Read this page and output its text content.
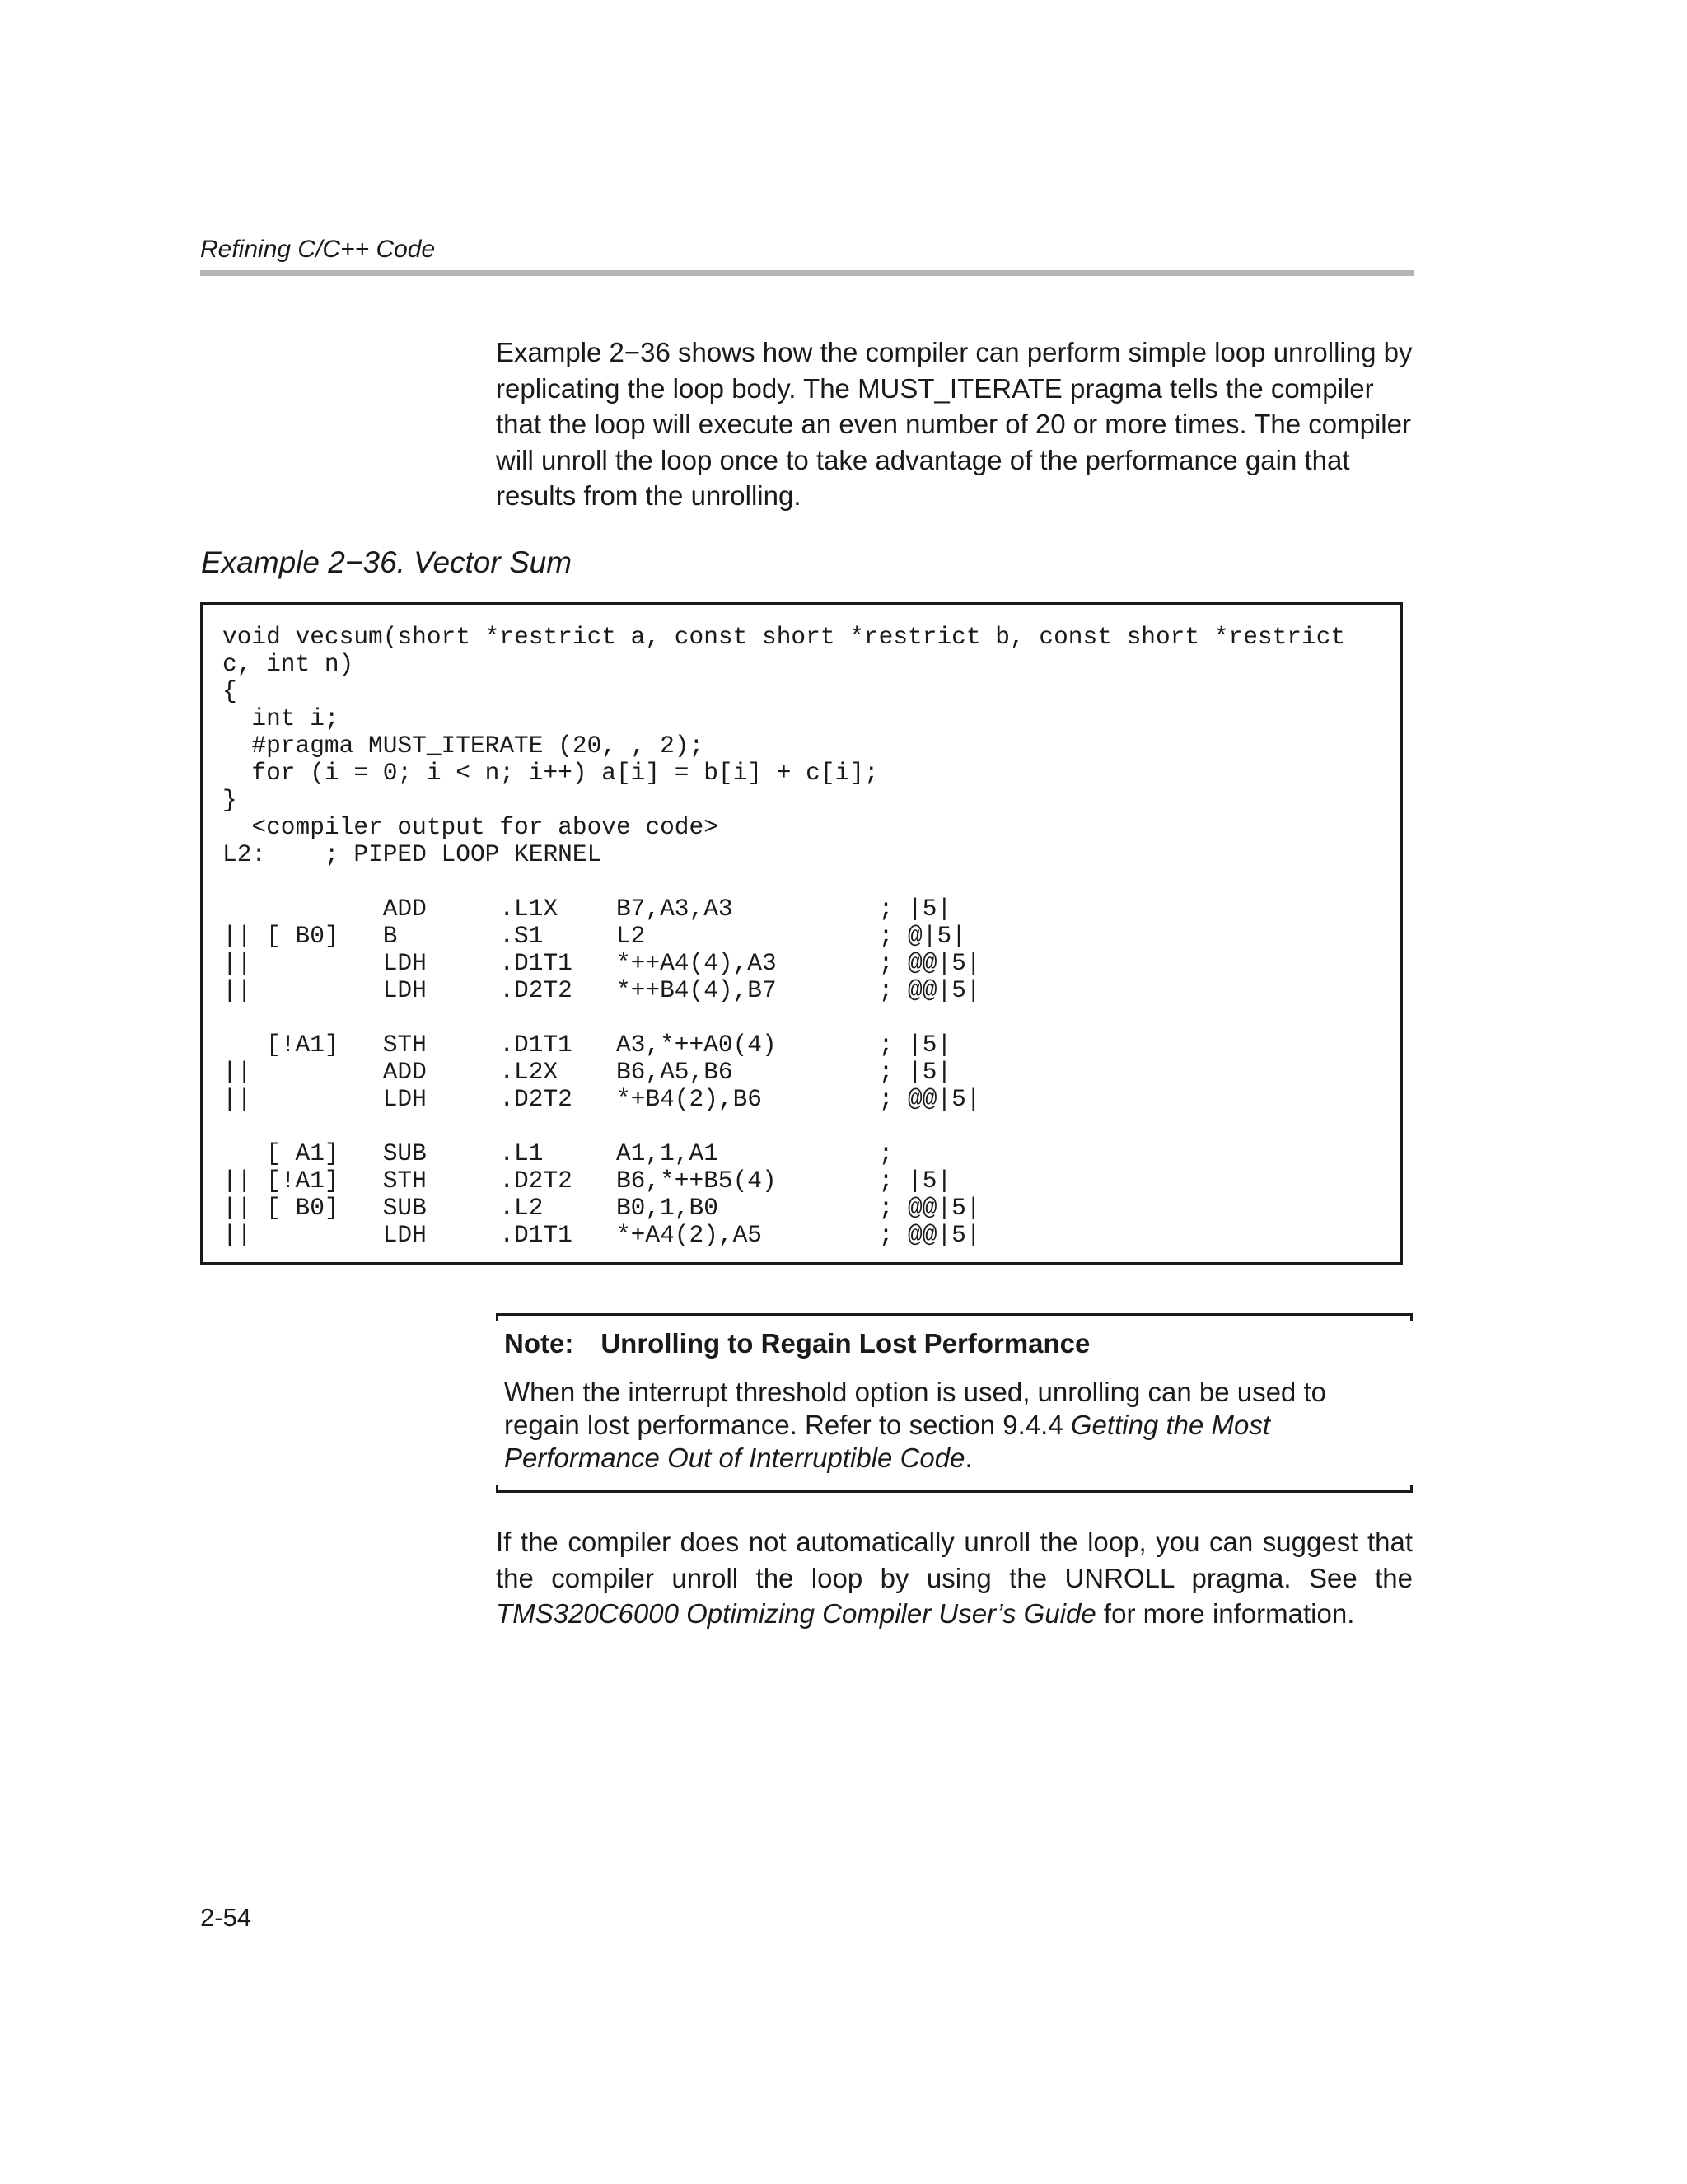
Refining C/C++ Code

Example 2−36 shows how the compiler can perform simple loop unrolling by replicating the loop body. The MUST_ITERATE pragma tells the compiler that the loop will execute an even number of 20 or more times. The compiler will unroll the loop once to take advantage of the performance gain that results from the unrolling.

Example 2−36. Vector Sum
void vecsum(short *restrict a, const short *restrict b, const short *restrict
c, int n)
{
int i;
#pragma MUST_ITERATE (20, , 2);
for (i = 0; i < n; i++) a[i] = b[i] + c[i];
}
<compiler output for above code>
L2:    ; PIPED LOOP KERNEL
ADD     .L1X    B7,A3,A3          ; |5|
|| [ B0]   B       .S1     L2                ; @|5|
||         LDH     .D1T1   *++A4(4),A3       ; @@|5|
||         LDH     .D2T2   *++B4(4),B7       ; @@|5|
[!A1]   STH     .D1T1   A3,*++A0(4)       ; |5|
||         ADD     .L2X    B6,A5,B6          ; |5|
||         LDH     .D2T2   *+B4(2),B6        ; @@|5|
[ A1]   SUB     .L1     A1,1,A1           ;
|| [!A1]   STH     .D2T2   B6,*++B5(4)       ; |5|
|| [ B0]   SUB     .L2     B0,1,B0           ; @@|5|
||         LDH     .D1T1   *+A4(2),A5        ; @@|5|
Note: Unrolling to Regain Lost Performance

When the interrupt threshold option is used, unrolling can be used to regain lost performance. Refer to section 9.4.4 Getting the Most Performance Out of Interruptible Code.

If the compiler does not automatically unroll the loop, you can suggest that the compiler unroll the loop by using the UNROLL pragma. See the TMS320C6000 Optimizing Compiler User’s Guide for more information.

2-54
